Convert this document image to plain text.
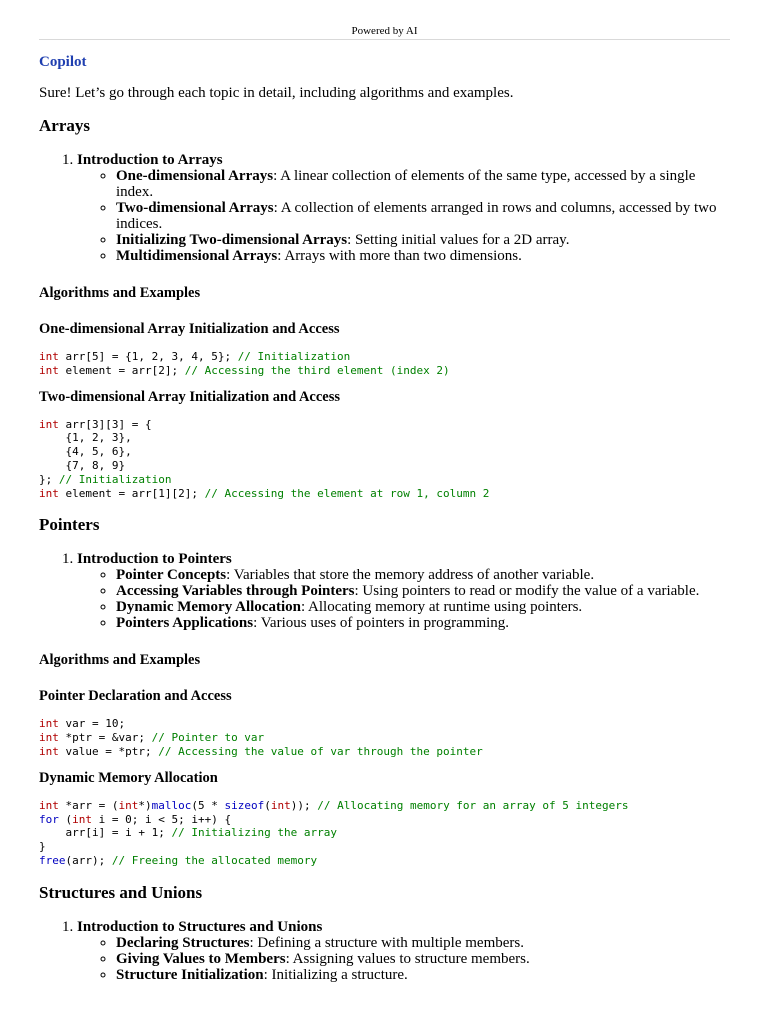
Powered by AI
Copilot
Sure! Let’s go through each topic in detail, including algorithms and examples.
Arrays
1. Introduction to Arrays
◦ One-dimensional Arrays: A linear collection of elements of the same type, accessed by a single index.
◦ Two-dimensional Arrays: A collection of elements arranged in rows and columns, accessed by two indices.
◦ Initializing Two-dimensional Arrays: Setting initial values for a 2D array.
◦ Multidimensional Arrays: Arrays with more than two dimensions.
Algorithms and Examples
One-dimensional Array Initialization and Access
int arr[5] = {1, 2, 3, 4, 5}; // Initialization
int element = arr[2]; // Accessing the third element (index 2)
Two-dimensional Array Initialization and Access
int arr[3][3] = {
{1, 2, 3},
{4, 5, 6},
{7, 8, 9}
}; // Initialization
int element = arr[1][2]; // Accessing the element at row 1, column 2
Pointers
1. Introduction to Pointers
◦ Pointer Concepts: Variables that store the memory address of another variable.
◦ Accessing Variables through Pointers: Using pointers to read or modify the value of a variable.
◦ Dynamic Memory Allocation: Allocating memory at runtime using pointers.
◦ Pointers Applications: Various uses of pointers in programming.
Algorithms and Examples
Pointer Declaration and Access
int var = 10;
int *ptr = &var; // Pointer to var
int value = *ptr; // Accessing the value of var through the pointer
Dynamic Memory Allocation
int *arr = (int*)malloc(5 * sizeof(int)); // Allocating memory for an array of 5 integers
for (int i = 0; i < 5; i++) {
arr[i] = i + 1; // Initializing the array
}
free(arr); // Freeing the allocated memory
Structures and Unions
1. Introduction to Structures and Unions
◦ Declaring Structures: Defining a structure with multiple members.
◦ Giving Values to Members: Assigning values to structure members.
◦ Structure Initialization: Initializing a structure.
